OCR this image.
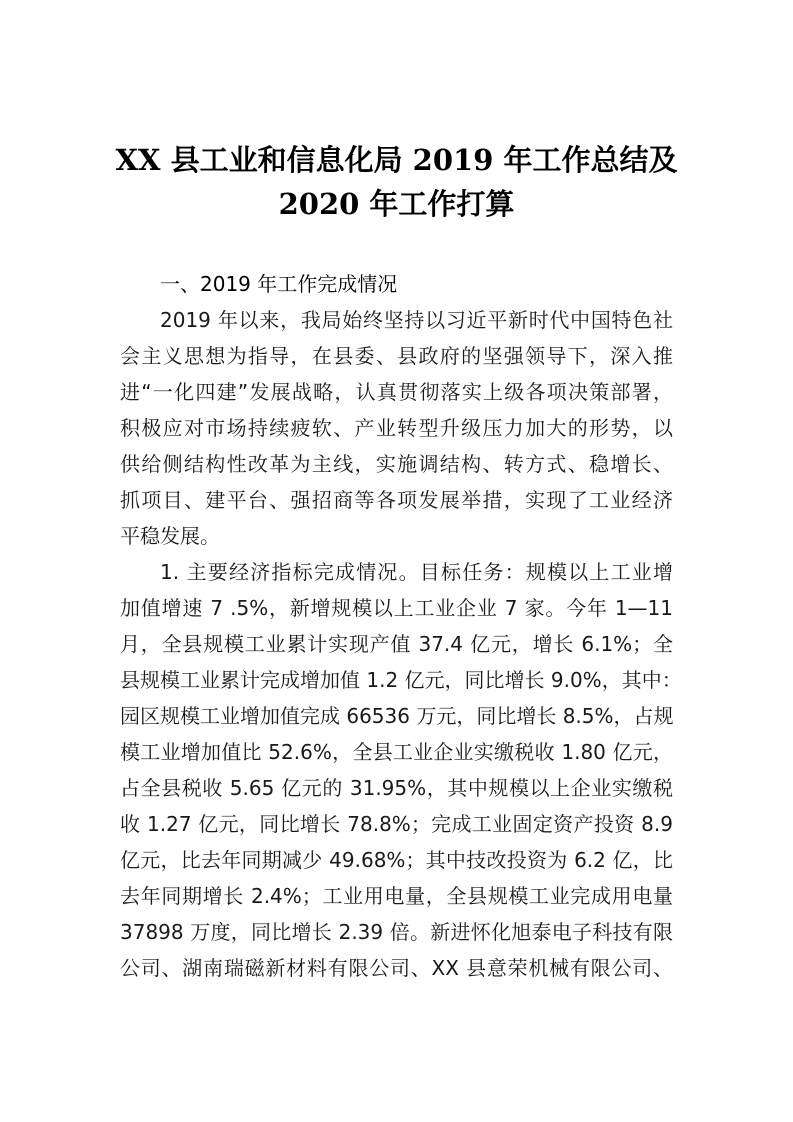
XX 县工业和信息化局 2019 年工作总结及
2020 年工作打算
一、2019 年工作完成情况
2019 年以来，我局始终坚持以习近平新时代中国特色社
会主义思想为指导，在县委、县政府的坚强领导下，深入推
进“一化四建”发展战略，认真贯彻落实上级各项决策部署，
积极应对市场持续疲软、产业转型升级压力加大的形势，以
供给侧结构性改革为主线，实施调结构、转方式、稳增长、
抓项目、建平台、强招商等各项发展举措，实现了工业经济
平稳发展。
1. 主要经济指标完成情况。目标任务：规模以上工业增
加值增速 7 .5%，新增规模以上工业企业 7 家。今年 1—11
月，全县规模工业累计实现产值 37.4 亿元，增长 6.1%；全
县规模工业累计完成增加值 1.2 亿元，同比增长 9.0%，其中：
园区规模工业增加值完成 66536 万元，同比增长 8.5%，占规
模工业增加值比 52.6%，全县工业企业实缴税收 1.80 亿元，
占全县税收 5.65 亿元的 31.95%，其中规模以上企业实缴税
收 1.27 亿元，同比增长 78.8%；完成工业固定资产投资 8.9
亿元，比去年同期减少 49.68%；其中技改投资为 6.2 亿，比
去年同期增长 2.4%；工业用电量，全县规模工业完成用电量
37898 万度，同比增长 2.39 倍。新进怀化旭泰电子科技有限
公司、湖南瑞磁新材料有限公司、XX 县意荣机械有限公司、
